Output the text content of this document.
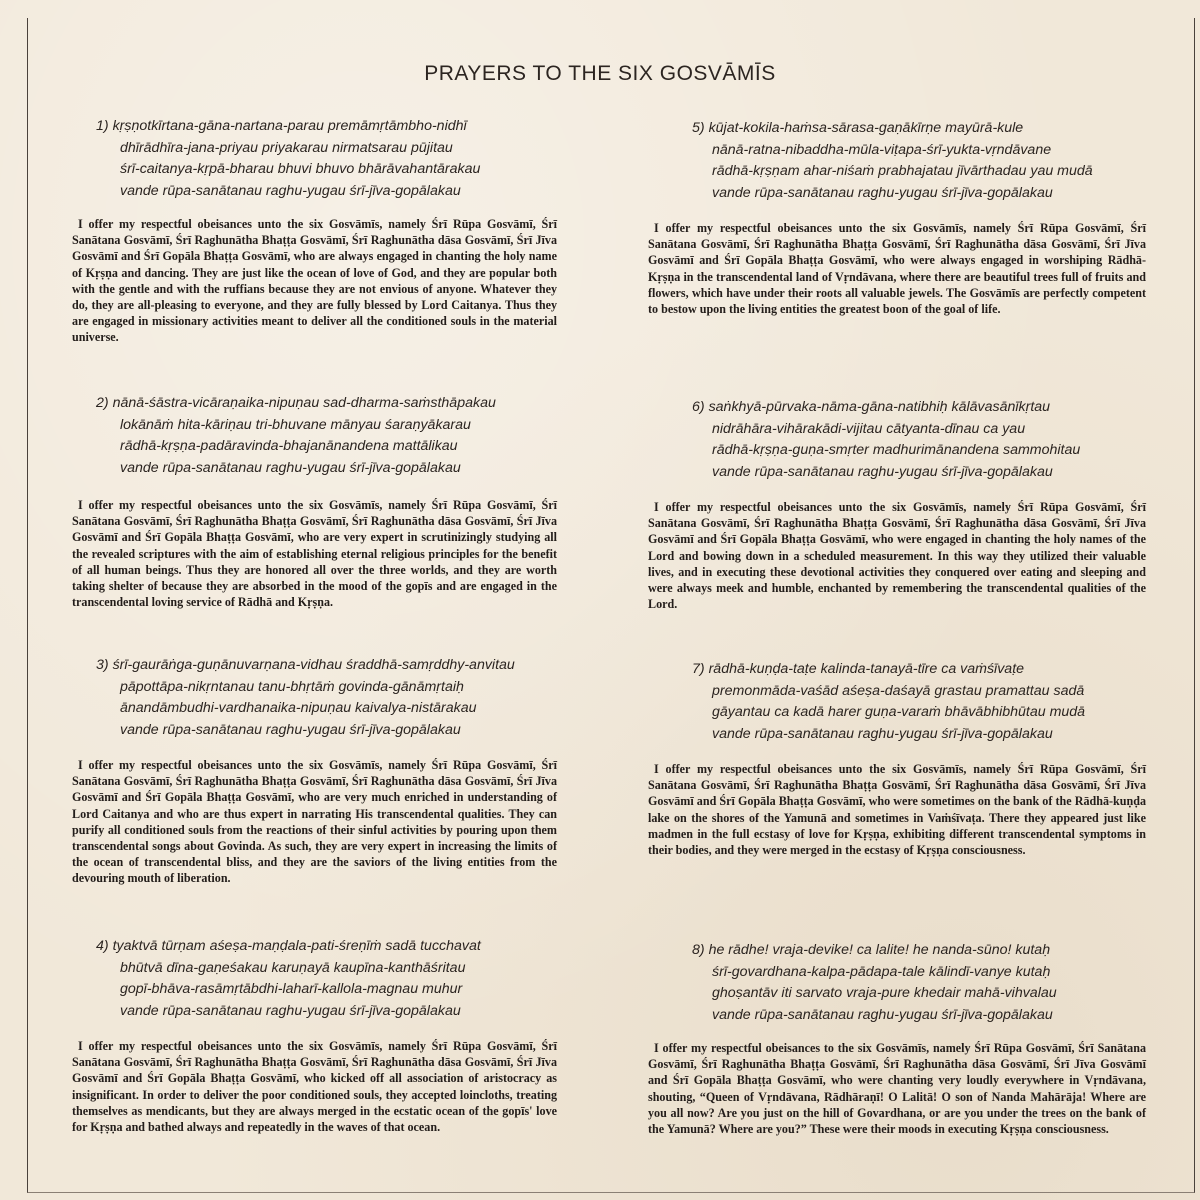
PRAYERS TO THE SIX GOSVĀMĪS
1) kṛṣṇotkīrtana-gāna-nartana-parau premāmṛtāmbho-nidhī
dhīrādhīra-jana-priyau priyakarau nirmatsarau pūjitau
śrī-caitanya-kṛpā-bharau bhuvi bhuvo bhārāvahantārakau
vande rūpa-sanātanau raghu-yugau śrī-jīva-gopālakau

I offer my respectful obeisances unto the six Gosvāmīs, namely Śrī Rūpa Gosvāmī, Śrī Sanātana Gosvāmī, Śrī Raghunātha Bhaṭṭa Gosvāmī, Śrī Raghunātha dāsa Gosvāmī, Śrī Jīva Gosvāmī and Śrī Gopāla Bhaṭṭa Gosvāmī, who are always engaged in chanting the holy name of Kṛṣṇa and dancing. They are just like the ocean of love of God, and they are popular both with the gentle and with the ruffians because they are not envious of anyone. Whatever they do, they are all-pleasing to everyone, and they are fully blessed by Lord Caitanya. Thus they are engaged in missionary activities meant to deliver all the conditioned souls in the material universe.

2) nānā-śāstra-vicāraṇaika-nipuṇau sad-dharma-saṁsthāpakau
lokānāṁ hita-kāriṇau tri-bhuvane mānyau śaraṇyākarau
rādhā-kṛṣṇa-padāravinda-bhajanānandena mattālikau
vande rūpa-sanātanau raghu-yugau śrī-jīva-gopālakau

I offer my respectful obeisances unto the six Gosvāmīs, namely Śrī Rūpa Gosvāmī, Śrī Sanātana Gosvāmī, Śrī Raghunātha Bhaṭṭa Gosvāmī, Śrī Raghunātha dāsa Gosvāmī, Śrī Jīva Gosvāmī and Śrī Gopāla Bhaṭṭa Gosvāmī, who are very expert in scrutinizingly studying all the revealed scriptures with the aim of establishing eternal religious principles for the benefit of all human beings. Thus they are honored all over the three worlds, and they are worth taking shelter of because they are absorbed in the mood of the gopīs and are engaged in the transcendental loving service of Rādhā and Kṛṣṇa.

3) śrī-gaurāṅga-guṇānuvarṇana-vidhau śraddhā-samṛddhy-anvitau
pāpottāpa-nikṛntanau tanu-bhṛtāṁ govinda-gānāmṛtaiḥ
ānandāmbudhi-vardhanaika-nipuṇau kaivalya-nistārakau
vande rūpa-sanātanau raghu-yugau śrī-jīva-gopālakau

I offer my respectful obeisances unto the six Gosvāmīs, namely Śrī Rūpa Gosvāmī, Śrī Sanātana Gosvāmī, Śrī Raghunātha Bhaṭṭa Gosvāmī, Śrī Raghunātha dāsa Gosvāmī, Śrī Jīva Gosvāmī and Śrī Gopāla Bhaṭṭa Gosvāmī, who are very much enriched in understanding of Lord Caitanya and who are thus expert in narrating His transcendental qualities. They can purify all conditioned souls from the reactions of their sinful activities by pouring upon them transcendental songs about Govinda. As such, they are very expert in increasing the limits of the ocean of transcendental bliss, and they are the saviors of the living entities from the devouring mouth of liberation.

4) tyaktvā tūrṇam aśeṣa-maṇḍala-pati-śreṇīṁ sadā tucchavat
bhūtvā dīna-gaṇeśakau karuṇayā kaupīna-kanthāśritau
gopī-bhāva-rasāmṛtābdhi-laharī-kallola-magnau muhur
vande rūpa-sanātanau raghu-yugau śrī-jīva-gopālakau

I offer my respectful obeisances unto the six Gosvāmīs, namely Śrī Rūpa Gosvāmī, Śrī Sanātana Gosvāmī, Śrī Raghunātha Bhaṭṭa Gosvāmī, Śrī Raghunātha dāsa Gosvāmī, Śrī Jīva Gosvāmī and Śrī Gopāla Bhaṭṭa Gosvāmī, who kicked off all association of aristocracy as insignificant. In order to deliver the poor conditioned souls, they accepted loincloths, treating themselves as mendicants, but they are always merged in the ecstatic ocean of the gopīs' love for Kṛṣṇa and bathed always and repeatedly in the waves of that ocean.

5) kūjat-kokila-haṁsa-sārasa-gaṇākīrṇe mayūrā-kule
nānā-ratna-nibaddha-mūla-viṭapa-śrī-yukta-vṛndāvane
rādhā-kṛṣṇam ahar-niśaṁ prabhajatau jīvārthadau yau mudā
vande rūpa-sanātanau raghu-yugau śrī-jīva-gopālakau

I offer my respectful obeisances unto the six Gosvāmīs, namely Śrī Rūpa Gosvāmī, Śrī Sanātana Gosvāmī, Śrī Raghunātha Bhaṭṭa Gosvāmī, Śrī Raghunātha dāsa Gosvāmī, Śrī Jīva Gosvāmī and Śrī Gopāla Bhaṭṭa Gosvāmī, who were always engaged in worshiping Rādhā-Kṛṣṇa in the transcendental land of Vṛndāvana, where there are beautiful trees full of fruits and flowers, which have under their roots all valuable jewels. The Gosvāmīs are perfectly competent to bestow upon the living entities the greatest boon of the goal of life.

6) saṅkhyā-pūrvaka-nāma-gāna-natibhiḥ kālāvasānīkṛtau
nidrāhāra-vihārakādi-vijitau cātyanta-dīnau ca yau
rādhā-kṛṣṇa-guṇa-smṛter madhurimānandena sammohitau
vande rūpa-sanātanau raghu-yugau śrī-jīva-gopālakau

I offer my respectful obeisances unto the six Gosvāmīs, namely Śrī Rūpa Gosvāmī, Śrī Sanātana Gosvāmī, Śrī Raghunātha Bhaṭṭa Gosvāmī, Śrī Raghunātha dāsa Gosvāmī, Śrī Jīva Gosvāmī and Śrī Gopāla Bhaṭṭa Gosvāmī, who were engaged in chanting the holy names of the Lord and bowing down in a scheduled measurement. In this way they utilized their valuable lives, and in executing these devotional activities they conquered over eating and sleeping and were always meek and humble, enchanted by remembering the transcendental qualities of the Lord.

7) rādhā-kuṇḍa-taṭe kalinda-tanayā-tīre ca vaṁśīvaṭe
premonmāda-vaśād aśeṣa-daśayā grastau pramattau sadā
gāyantau ca kadā harer guṇa-varaṁ bhāvābhibhūtau mudā
vande rūpa-sanātanau raghu-yugau śrī-jīva-gopālakau

I offer my respectful obeisances unto the six Gosvāmīs, namely Śrī Rūpa Gosvāmī, Śrī Sanātana Gosvāmī, Śrī Raghunātha Bhaṭṭa Gosvāmī, Śrī Raghunātha dāsa Gosvāmī, Śrī Jīva Gosvāmī and Śrī Gopāla Bhaṭṭa Gosvāmī, who were sometimes on the bank of the Rādhā-kuṇḍa lake on the shores of the Yamunā and sometimes in Vaṁśīvaṭa. There they appeared just like madmen in the full ecstasy of love for Kṛṣṇa, exhibiting different transcendental symptoms in their bodies, and they were merged in the ecstasy of Kṛṣṇa consciousness.

8) he rādhe! vraja-devike! ca lalite! he nanda-sūno! kutaḥ
śrī-govardhana-kalpa-pādapa-tale kālindī-vanye kutaḥ
ghoṣantāv iti sarvato vraja-pure khedair mahā-vihvalau
vande rūpa-sanātanau raghu-yugau śrī-jīva-gopālakau

I offer my respectful obeisances to the six Gosvāmīs, namely Śrī Rūpa Gosvāmī, Śrī Sanātana Gosvāmī, Śrī Raghunātha Bhaṭṭa Gosvāmī, Śrī Raghunātha dāsa Gosvāmī, Śrī Jīva Gosvāmī and Śrī Gopāla Bhaṭṭa Gosvāmī, who were chanting very loudly everywhere in Vṛndāvana, shouting, “Queen of Vṛndāvana, Rādhāraṇī! O Lalitā! O son of Nanda Mahārāja! Where are you all now? Are you just on the hill of Govardhana, or are you under the trees on the bank of the Yamunā? Where are you?” These were their moods in executing Kṛṣṇa consciousness.
